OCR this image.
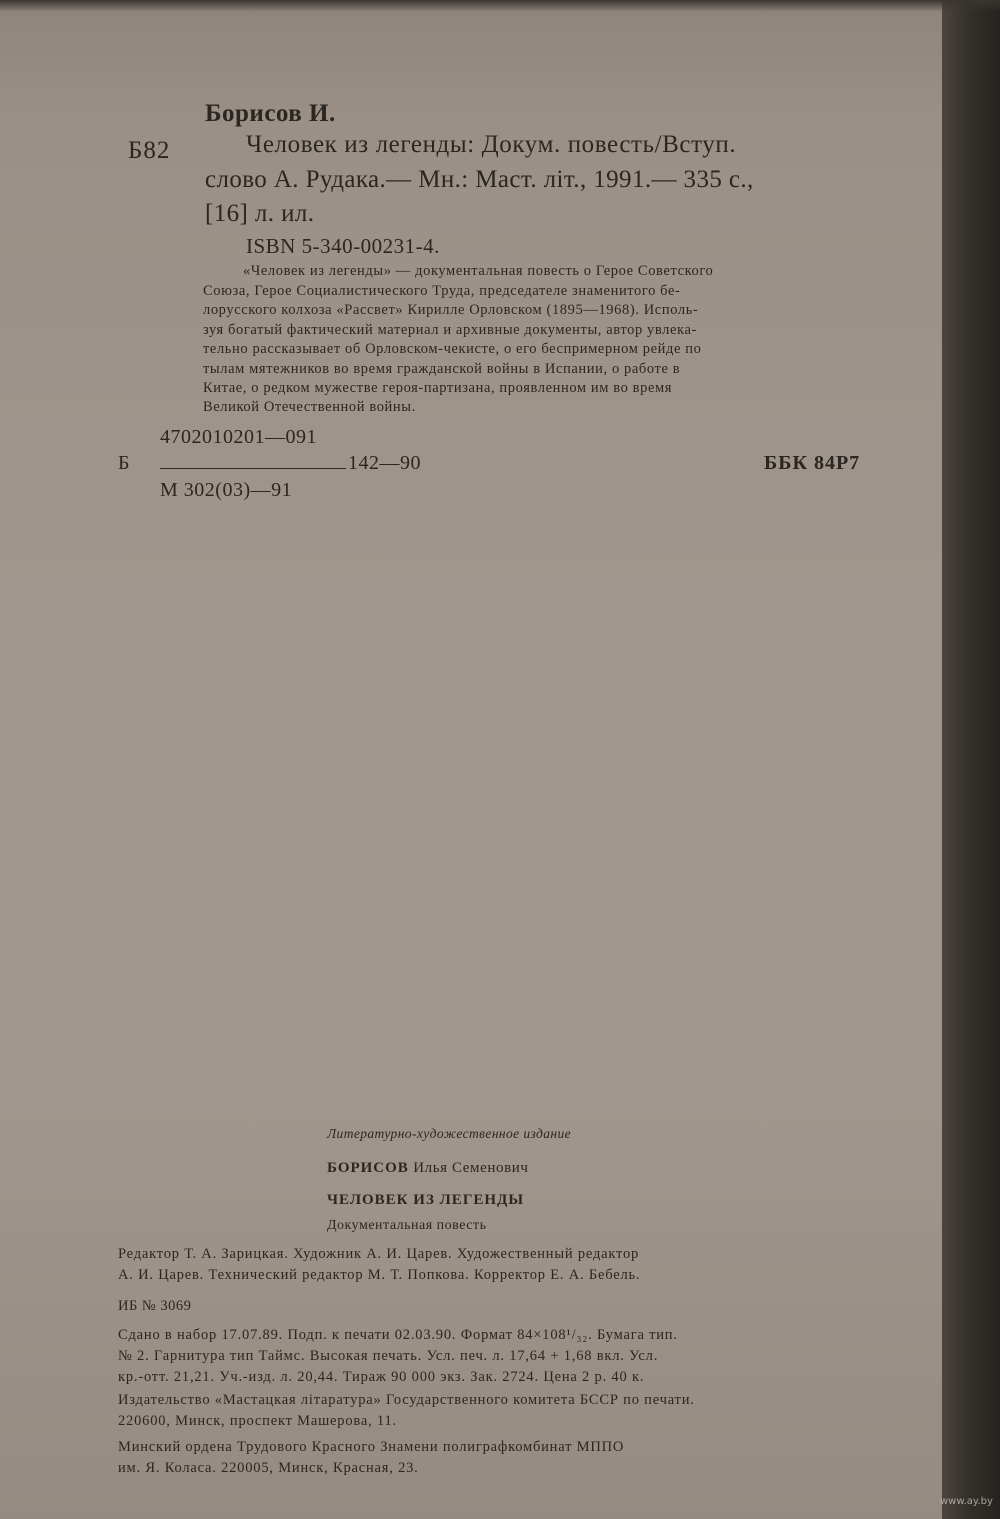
Борисов И.
Б82	Человек из легенды: Докум. повесть/Вступ.
слово А. Рудака.— Мн.: Маст. літ., 1991.— 335 с.,
[16] л. ил.
ISBN 5-340-00231-4.
«Человек из легенды» — документальная повесть о Герое Советского
Союза, Герое Социалистического Труда, председателе знаменитого бе-
лорусского колхоза «Рассвет» Кирилле Орловском (1895—1968). Исполь-
зуя богатый фактический материал и архивные документы, автор увлека-
тельно рассказывает об Орловском-чекисте, о его беспримерном рейде по
тылам мятежников во время гражданской войны в Испании, о работе в
Китае, о редком мужестве героя-партизана, проявленном им во время
Великой Отечественной войны.
4702010201—091
Б	142—90	ББК 84Р7
М 302(03)—91
Литературно-художественное издание
БОРИСОВ Илья Семенович
ЧЕЛОВЕК ИЗ ЛЕГЕНДЫ
Документальная повесть
Редактор Т. А. Зарицкая. Художник А. И. Царев. Художественный редактор
А. И. Царев. Технический редактор М. Т. Попкова. Корректор Е. А. Бебель.
ИБ № 3069
Сдано в набор 17.07.89. Подп. к печати 02.03.90. Формат 84×108¹/₃₂. Бумага тип.
№ 2. Гарнитура тип Таймс. Высокая печать. Усл. печ. л. 17,64 + 1,68 вкл. Усл.
кр.-отт. 21,21. Уч.-изд. л. 20,44. Тираж 90 000 экз. Зак. 2724. Цена 2 р. 40 к.
Издательство «Мастацкая літаратура» Государственного комитета БССР по печати.
220600, Минск, проспект Машерова, 11.
Минский ордена Трудового Красного Знамени полиграфкомбинат МППО
им. Я. Коласа. 220005, Минск, Красная, 23.
www.ay.by
